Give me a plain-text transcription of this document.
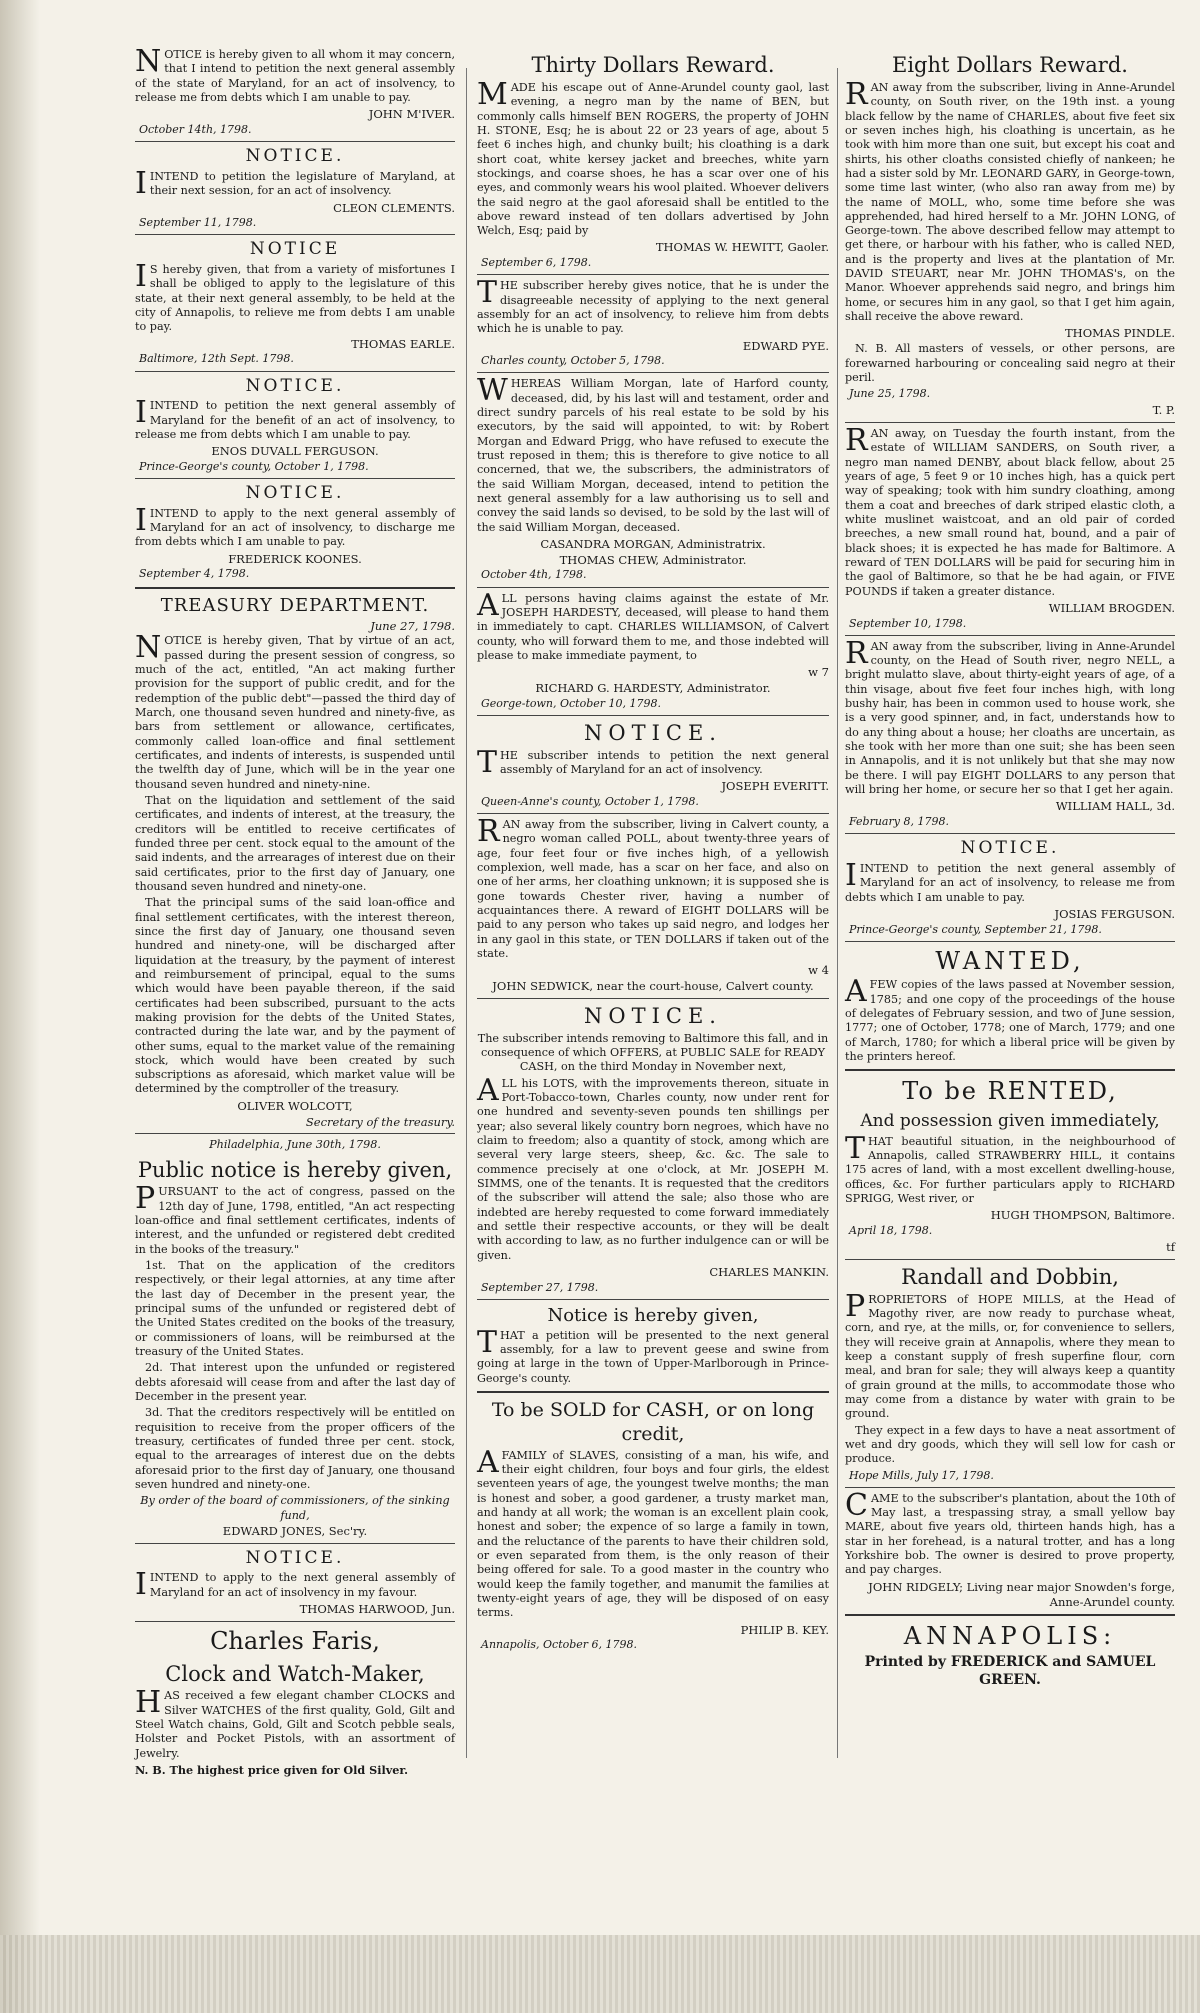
NOTICE is hereby given to all whom it may concern, that I intend to petition the next general assembly of the state of Maryland, for an act of insolvency, to release me from debts which I am unable to pay.

JOHN M'IVER.
October 14th, 1798.
NOTICE.

IINTEND to petition the legislature of Maryland, at their next session, for an act of insolvency.

CLEON CLEMENTS.
September 11, 1798.
NOTICE

IS hereby given, that from a variety of misfortunes I shall be obliged to apply to the legislature of this state, at their next general assembly, to be held at the city of Annapolis, to relieve me from debts I am unable to pay.

THOMAS EARLE.
Baltimore, 12th Sept. 1798.
NOTICE.

IINTEND to petition the next general assembly of Maryland for the benefit of an act of insolvency, to release me from debts which I am unable to pay.

ENOS DUVALL FERGUSON.
Prince-George's county, October 1, 1798.
NOTICE.

IINTEND to apply to the next general assembly of Maryland for an act of insolvency, to discharge me from debts which I am unable to pay.

FREDERICK KOONES.
September 4, 1798.
TREASURY DEPARTMENT.
June 27, 1798.

NOTICE is hereby given, That by virtue of an act, passed during the present session of congress, so much of the act, entitled, "An act making further provision for the support of public credit, and for the redemption of the public debt"—passed the third day of March, one thousand seven hundred and ninety-five, as bars from settlement or allowance, certificates, commonly called loan-office and final settlement certificates, and indents of interests, is suspended until the twelfth day of June, which will be in the year one thousand seven hundred and ninety-nine.

That on the liquidation and settlement of the said certificates, and indents of interest, at the treasury, the creditors will be entitled to receive certificates of funded three per cent. stock equal to the amount of the said indents, and the arrearages of interest due on their said certificates, prior to the first day of January, one thousand seven hundred and ninety-one.

That the principal sums of the said loan-office and final settlement certificates, with the interest thereon, since the first day of January, one thousand seven hundred and ninety-one, will be discharged after liquidation at the treasury, by the payment of interest and reimbursement of principal, equal to the sums which would have been payable thereon, if the said certificates had been subscribed, pursuant to the acts making provision for the debts of the United States, contracted during the late war, and by the payment of other sums, equal to the market value of the remaining stock, which would have been created by such subscriptions as aforesaid, which market value will be determined by the comptroller of the treasury.

OLIVER WOLCOTT,
Secretary of the treasury.
Philadelphia, June 30th, 1798.
Public notice is hereby given,

PURSUANT to the act of congress, passed on the 12th day of June, 1798, entitled, "An act respecting loan-office and final settlement certificates, indents of interest, and the unfunded or registered debt credited in the books of the treasury."

1st. That on the application of the creditors respectively, or their legal attornies, at any time after the last day of December in the present year, the principal sums of the unfunded or registered debt of the United States credited on the books of the treasury, or commissioners of loans, will be reimbursed at the treasury of the United States.

2d. That interest upon the unfunded or registered debts aforesaid will cease from and after the last day of December in the present year.

3d. That the creditors respectively will be entitled on requisition to receive from the proper officers of the treasury, certificates of funded three per cent. stock, equal to the arrearages of interest due on the debts aforesaid prior to the first day of January, one thousand seven hundred and ninety-one.

By order of the board of commissioners, of the sinking fund,
EDWARD JONES, Sec'ry.
NOTICE.

IINTEND to apply to the next general assembly of Maryland for an act of insolvency in my favour.

THOMAS HARWOOD, Jun.
Charles Faris,
Clock and Watch-Maker,

HAS received a few elegant chamber CLOCKS and Silver WATCHES of the first quality, Gold, Gilt and Steel Watch chains, Gold, Gilt and Scotch pebble seals, Holster and Pocket Pistols, with an assortment of Jewelry.

N. B. The highest price given for Old Silver.

Thirty Dollars Reward.

MADE his escape out of Anne-Arundel county gaol, last evening, a negro man by the name of BEN, but commonly calls himself BEN ROGERS, the property of JOHN H. STONE, Esq; he is about 22 or 23 years of age, about 5 feet 6 inches high, and chunky built; his cloathing is a dark short coat, white kersey jacket and breeches, white yarn stockings, and coarse shoes, he has a scar over one of his eyes, and commonly wears his wool plaited. Whoever delivers the said negro at the gaol aforesaid shall be entitled to the above reward instead of ten dollars advertised by John Welch, Esq; paid by

THOMAS W. HEWITT, Gaoler.
September 6, 1798.

THE subscriber hereby gives notice, that he is under the disagreeable necessity of applying to the next general assembly for an act of insolvency, to relieve him from debts which he is unable to pay.

EDWARD PYE.
Charles county, October 5, 1798.

WHEREAS William Morgan, late of Harford county, deceased, did, by his last will and testament, order and direct sundry parcels of his real estate to be sold by his executors, by the said will appointed, to wit: by Robert Morgan and Edward Prigg, who have refused to execute the trust reposed in them; this is therefore to give notice to all concerned, that we, the subscribers, the administrators of the said William Morgan, deceased, intend to petition the next general assembly for a law authorising us to sell and convey the said lands so devised, to be sold by the last will of the said William Morgan, deceased.

CASANDRA MORGAN, Administratrix.
THOMAS CHEW, Administrator.
October 4th, 1798.

ALL persons having claims against the estate of Mr. JOSEPH HARDESTY, deceased, will please to hand them in immediately to capt. CHARLES WILLIAMSON, of Calvert county, who will forward them to me, and those indebted will please to make immediate payment, to

w 7
RICHARD G. HARDESTY, Administrator.
George-town, October 10, 1798.
NOTICE.

THE subscriber intends to petition the next general assembly of Maryland for an act of insolvency.

JOSEPH EVERITT.
Queen-Anne's county, October 1, 1798.

RAN away from the subscriber, living in Calvert county, a negro woman called POLL, about twenty-three years of age, four feet four or five inches high, of a yellowish complexion, well made, has a scar on her face, and also on one of her arms, her cloathing unknown; it is supposed she is gone towards Chester river, having a number of acquaintances there. A reward of EIGHT DOLLARS will be paid to any person who takes up said negro, and lodges her in any gaol in this state, or TEN DOLLARS if taken out of the state.

w 4
JOHN SEDWICK, near the court-house, Calvert county.
NOTICE.

The subscriber intends removing to Baltimore this fall, and in consequence of which OFFERS, at PUBLIC SALE for READY CASH, on the third Monday in November next,

ALL his LOTS, with the improvements thereon, situate in Port-Tobacco-town, Charles county, now under rent for one hundred and seventy-seven pounds ten shillings per year; also several likely country born negroes, which have no claim to freedom; also a quantity of stock, among which are several very large steers, sheep, &c. &c. The sale to commence precisely at one o'clock, at Mr. JOSEPH M. SIMMS, one of the tenants. It is requested that the creditors of the subscriber will attend the sale; also those who are indebted are hereby requested to come forward immediately and settle their respective accounts, or they will be dealt with according to law, as no further indulgence can or will be given.

CHARLES MANKIN.
September 27, 1798.
Notice is hereby given,

THAT a petition will be presented to the next general assembly, for a law to prevent geese and swine from going at large in the town of Upper-Marlborough in Prince-George's county.

To be SOLD for CASH, or on long credit,

AFAMILY of SLAVES, consisting of a man, his wife, and their eight children, four boys and four girls, the eldest seventeen years of age, the youngest twelve months; the man is honest and sober, a good gardener, a trusty market man, and handy at all work; the woman is an excellent plain cook, honest and sober; the expence of so large a family in town, and the reluctance of the parents to have their children sold, or even separated from them, is the only reason of their being offered for sale. To a good master in the country who would keep the family together, and manumit the families at twenty-eight years of age, they will be disposed of on easy terms.

PHILIP B. KEY.
Annapolis, October 6, 1798.
Eight Dollars Reward.

RAN away from the subscriber, living in Anne-Arundel county, on South river, on the 19th inst. a young black fellow by the name of CHARLES, about five feet six or seven inches high, his cloathing is uncertain, as he took with him more than one suit, but except his coat and shirts, his other cloaths consisted chiefly of nankeen; he had a sister sold by Mr. LEONARD GARY, in George-town, some time last winter, (who also ran away from me) by the name of MOLL, who, some time before she was apprehended, had hired herself to a Mr. JOHN LONG, of George-town. The above described fellow may attempt to get there, or harbour with his father, who is called NED, and is the property and lives at the plantation of Mr. DAVID STEUART, near Mr. JOHN THOMAS's, on the Manor. Whoever apprehends said negro, and brings him home, or secures him in any gaol, so that I get him again, shall receive the above reward.

THOMAS PINDLE.

N. B. All masters of vessels, or other persons, are forewarned harbouring or concealing said negro at their peril.

June 25, 1798.
T. P.

RAN away, on Tuesday the fourth instant, from the estate of WILLIAM SANDERS, on South river, a negro man named DENBY, about black fellow, about 25 years of age, 5 feet 9 or 10 inches high, has a quick pert way of speaking; took with him sundry cloathing, among them a coat and breeches of dark striped elastic cloth, a white muslinet waistcoat, and an old pair of corded breeches, a new small round hat, bound, and a pair of black shoes; it is expected he has made for Baltimore. A reward of TEN DOLLARS will be paid for securing him in the gaol of Baltimore, so that he be had again, or FIVE POUNDS if taken a greater distance.

WILLIAM BROGDEN.
September 10, 1798.

RAN away from the subscriber, living in Anne-Arundel county, on the Head of South river, negro NELL, a bright mulatto slave, about thirty-eight years of age, of a thin visage, about five feet four inches high, with long bushy hair, has been in common used to house work, she is a very good spinner, and, in fact, understands how to do any thing about a house; her cloaths are uncertain, as she took with her more than one suit; she has been seen in Annapolis, and it is not unlikely but that she may now be there. I will pay EIGHT DOLLARS to any person that will bring her home, or secure her so that I get her again.

WILLIAM HALL, 3d.
February 8, 1798.
NOTICE.

IINTEND to petition the next general assembly of Maryland for an act of insolvency, to release me from debts which I am unable to pay.

JOSIAS FERGUSON.
Prince-George's county, September 21, 1798.
WANTED,

AFEW copies of the laws passed at November session, 1785; and one copy of the proceedings of the house of delegates of February session, and two of June session, 1777; one of October, 1778; one of March, 1779; and one of March, 1780; for which a liberal price will be given by the printers hereof.

To be RENTED,
And possession given immediately,

THAT beautiful situation, in the neighbourhood of Annapolis, called STRAWBERRY HILL, it contains 175 acres of land, with a most excellent dwelling-house, offices, &c. For further particulars apply to RICHARD SPRIGG, West river, or

HUGH THOMPSON, Baltimore.
April 18, 1798.
tf
Randall and Dobbin,

PROPRIETORS of HOPE MILLS, at the Head of Magothy river, are now ready to purchase wheat, corn, and rye, at the mills, or, for convenience to sellers, they will receive grain at Annapolis, where they mean to keep a constant supply of fresh superfine flour, corn meal, and bran for sale; they will always keep a quantity of grain ground at the mills, to accommodate those who may come from a distance by water with grain to be ground.

They expect in a few days to have a neat assortment of wet and dry goods, which they will sell low for cash or produce.

Hope Mills, July 17, 1798.

CAME to the subscriber's plantation, about the 10th of May last, a trespassing stray, a small yellow bay MARE, about five years old, thirteen hands high, has a star in her forehead, is a natural trotter, and has a long Yorkshire bob. The owner is desired to prove property, and pay charges.

JOHN RIDGELY; Living near major Snowden's forge, Anne-Arundel county.
ANNAPOLIS:
Printed by FREDERICK and SAMUEL GREEN.
